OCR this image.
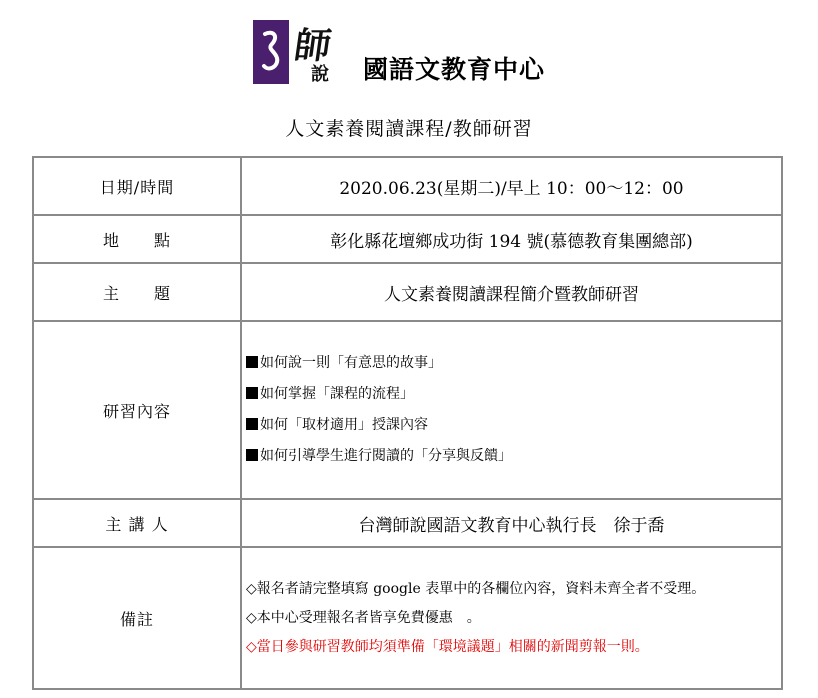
師
說 國語文教育中心
人文素養閱讀課程/教師研習
日期/時間	2020.06.23(星期二)/早上 10：00～12：00
地　　點	彰化縣花壇鄉成功街 194 號(慕德教育集團總部)
主　　題	人文素養閱讀課程簡介暨教師研習
研習內容	如何說一則「有意思的故事」
如何掌握「課程的流程」
如何「取材適用」授課內容
如何引導學生進行閱讀的「分享與反饋」

主 講 人	台灣師說國語文教育中心執行長　徐于喬
備註	◇報名者請完整填寫 google 表單中的各欄位內容，資料未齊全者不受理。
◇本中心受理報名者皆享免費優惠　。
◇當日參與研習教師均須準備「環境議題」相關的新聞剪報一則。
